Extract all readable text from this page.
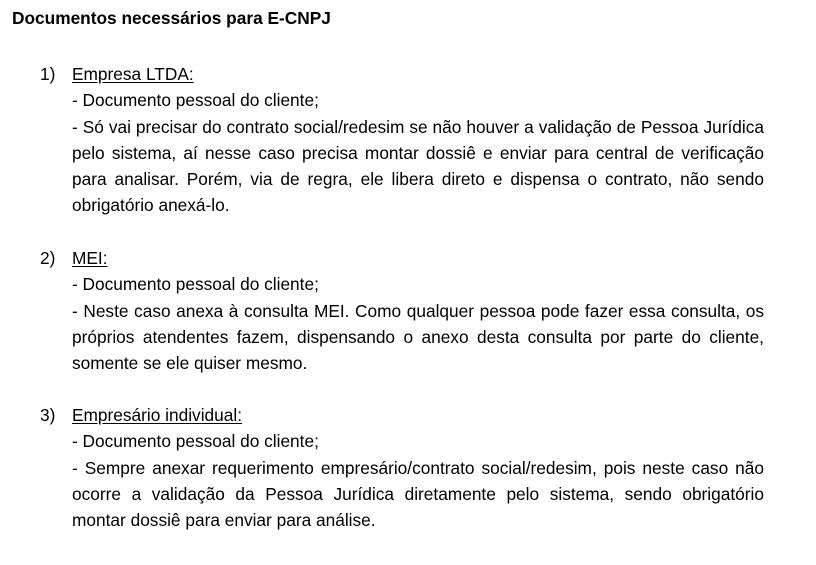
Documentos necessários para E-CNPJ
1) Empresa LTDA:
- Documento pessoal do cliente;
- Só vai precisar do contrato social/redesim se não houver a validação de Pessoa Jurídica pelo sistema, aí nesse caso precisa montar dossiê e enviar para central de verificação para analisar. Porém, via de regra, ele libera direto e dispensa o contrato, não sendo obrigatório anexá-lo.
2) MEI:
- Documento pessoal do cliente;
- Neste caso anexa à consulta MEI. Como qualquer pessoa pode fazer essa consulta, os próprios atendentes fazem, dispensando o anexo desta consulta por parte do cliente, somente se ele quiser mesmo.
3) Empresário individual:
- Documento pessoal do cliente;
- Sempre anexar requerimento empresário/contrato social/redesim, pois neste caso não ocorre a validação da Pessoa Jurídica diretamente pelo sistema, sendo obrigatório montar dossiê para enviar para análise.
